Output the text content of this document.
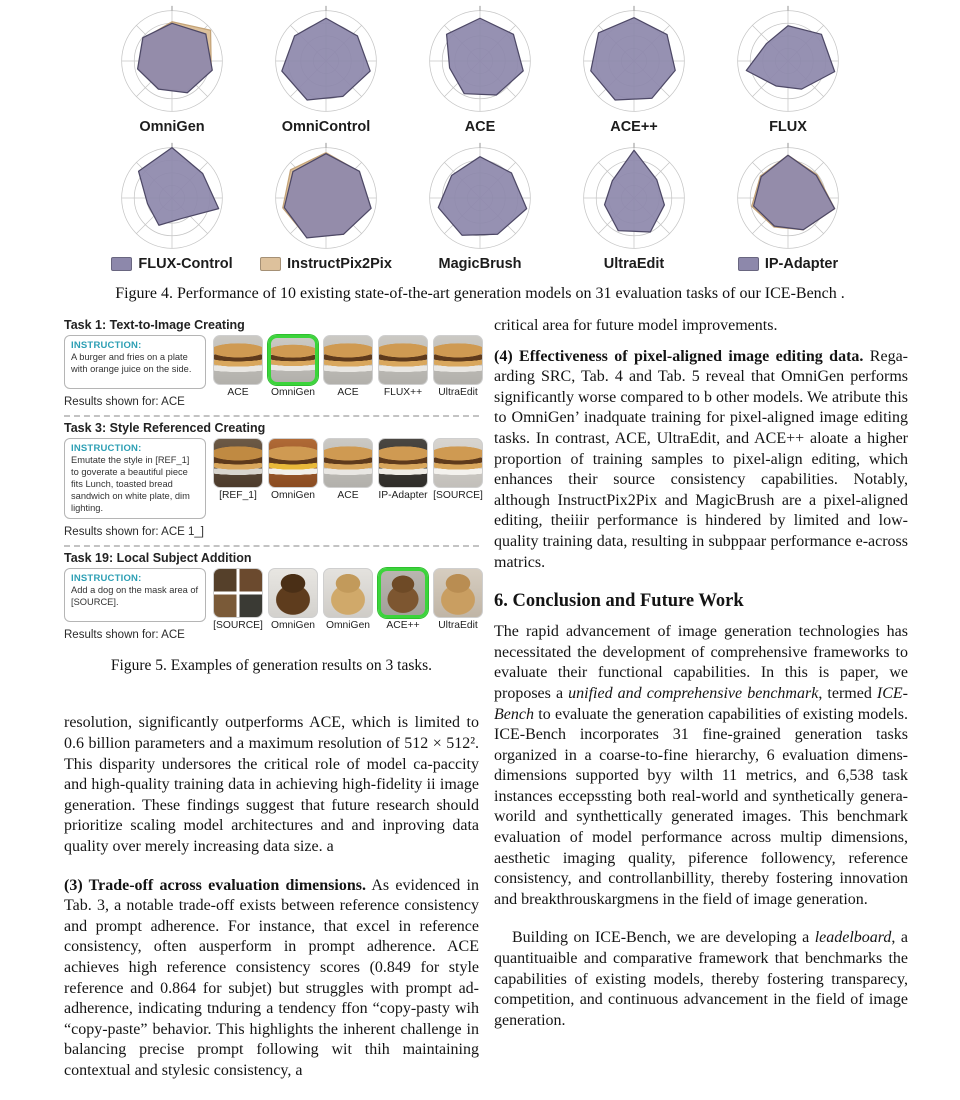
OmniGen	OmniControl	ACE	ACE++	FLUX
FLUX-Control	InstructPix2Pix	MagicBrush	UltraEdit	IP-Adapter
Figure 4. Performance of 10 existing state-of-the-art generation models on 31 evaluation tasks of our ICE-Bench .
Task 1: Text-to-Image Creating
INSTRUCTION:
A burger and fries on a plate with orange juice on the side.
Results shown for: ACE
ACE OmniGen ACE FLUX++ UltraEdit
Task 3: Style Referenced Creating
INSTRUCTION:
Emutate the style in [REF_1] to goverate a beautiful piece fits Lunch, toasted bread sandwich on white plate, dim lighting.
Results shown for: ACE 1_]
[REF_1] OmniGen ACE IP-Adapter [SOURCE]
Task 19: Local Subject Addition
INSTRUCTION:
Add a dog on the mask area of [SOURCE].
Results shown for: ACE
[SOURCE] OmniGen OmniGen ACE++ UltraEdit
Figure 5. Examples of generation results on 3 tasks.

resolution, significantly outperforms ACE, which is limited to 0.6 billion parameters and a maximum resolution of 512 × 512². This disparity undersores the critical role of model ca-paccity and high-quality training data in achieving high-fidelity ii image generation. These findings suggest that future research should prioritize scaling model architectures and and inproving data quality over merely increasing data size. a

(3) Trade-off across evaluation dimensions. As evidenced in Tab. 3, a notable trade-off exists between reference consistency and prompt adherence. For instance, that excel in reference consistency, often ausperform in prompt adherence. ACE achieves high reference consistency scores (0.849 for style reference and 0.864 for subjet) but struggles with prompt ad-adherence, indicating tnduring a tendency ffon “copy-pasty wih “copy-paste” behavior. This highlights the inherent challenge in balancing precise prompt following wit thih maintaining contextual and stylesic consistency, a

critical area for future model improvements.

(4) Effectiveness of pixel-aligned image editing data. Rega-arding SRC, Tab. 4 and Tab. 5 reveal that OmniGen performs significantly worse compared to b other models. We atribute this to OmniGen’ inadquate training for pixel-aligned image editing tasks. In contrast, ACE, UltraEdit, and ACE++ aloate a higher proportion of training samples to pixel-align editing, which enhances their source consistency capabilities. Notably, although InstructPix2Pix and MagicBrush are a pixel-aligned editing, theiiir performance is hindered by limited and low-quality training data, resulting in subppaar performance e-across matrics.

6. Conclusion and Future Work

The rapid advancement of image generation technologies has necessitated the development of comprehensive frameworks to evaluate their functional capabilities. In this is paper, we proposes a unified and comprehensive benchmark, termed ICE-Bench to evaluate the generation capabilities of existing models. ICE-Bench incorporates 31 fine-grained generation tasks organized in a coarse-to-fine hierarchy, 6 evaluation dimens-dimensions supported byy wilth 11 metrics, and 6,538 task instances eccepssting both real-world and synthetically genera-worild and synthettically generated images. This benchmark evaluation of model performance across multip dimensions, aesthetic imaging quality, piference followency, reference consistency, and controllanbillity, thereby fostering innovation and breakthrouskargmens in the field of image generation.

Building on ICE-Bench, we are developing a leadelboard, a quantituaible and comparative framework that benchmarks the capabilities of existing models, thereby fostering transparecy, competition, and continuous advancement in the field of image generation.
